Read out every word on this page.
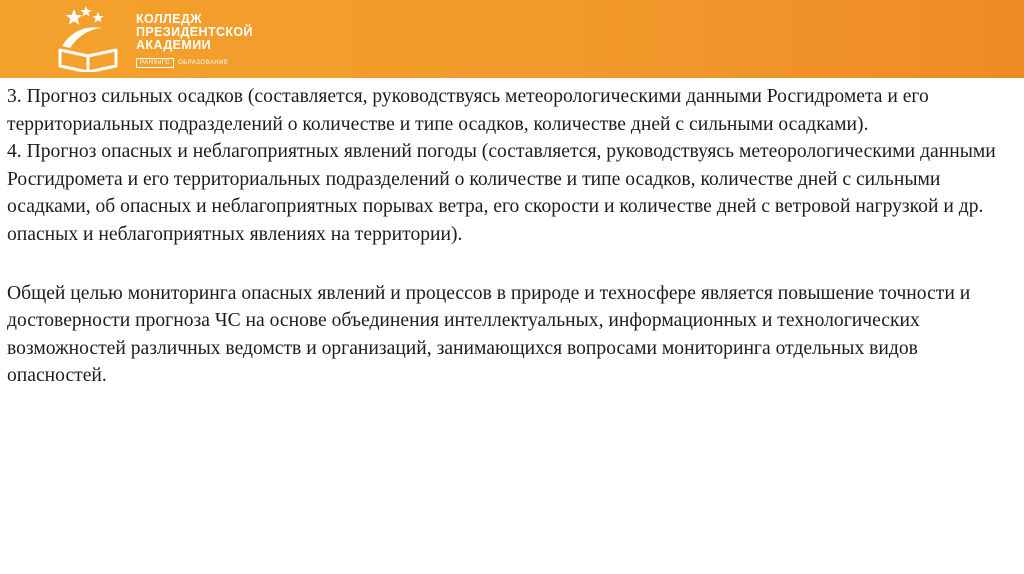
КОЛЛЕДЖ
ПРЕЗИДЕНТСКОЙ
АКАДЕМИИ
РАНХиГС	ОБРАЗОВАНИЕ

3. Прогноз сильных осадков (составляется, руководствуясь метеорологическими данными Росгидромета и его территориальных подразделений о количестве и типе осадков, количестве дней с сильными осадками).

4. Прогноз опасных и неблагоприятных явлений погоды (составляется, руководствуясь метеорологическими данными Росгидромета и его территориальных подразделений о количестве и типе осадков, количестве дней с сильными осадками, об опасных и неблагоприятных порывах ветра, его скорости и количестве дней с ветровой нагрузкой и др. опасных и неблагоприятных явлениях на территории).

Общей целью мониторинга опасных явлений и процессов в природе и техносфере является повышение точности и достоверности прогноза ЧС на основе объединения интеллектуальных, информационных и технологических возможностей различных ведомств и организаций, занимающихся вопросами мониторинга отдельных видов опасностей.
